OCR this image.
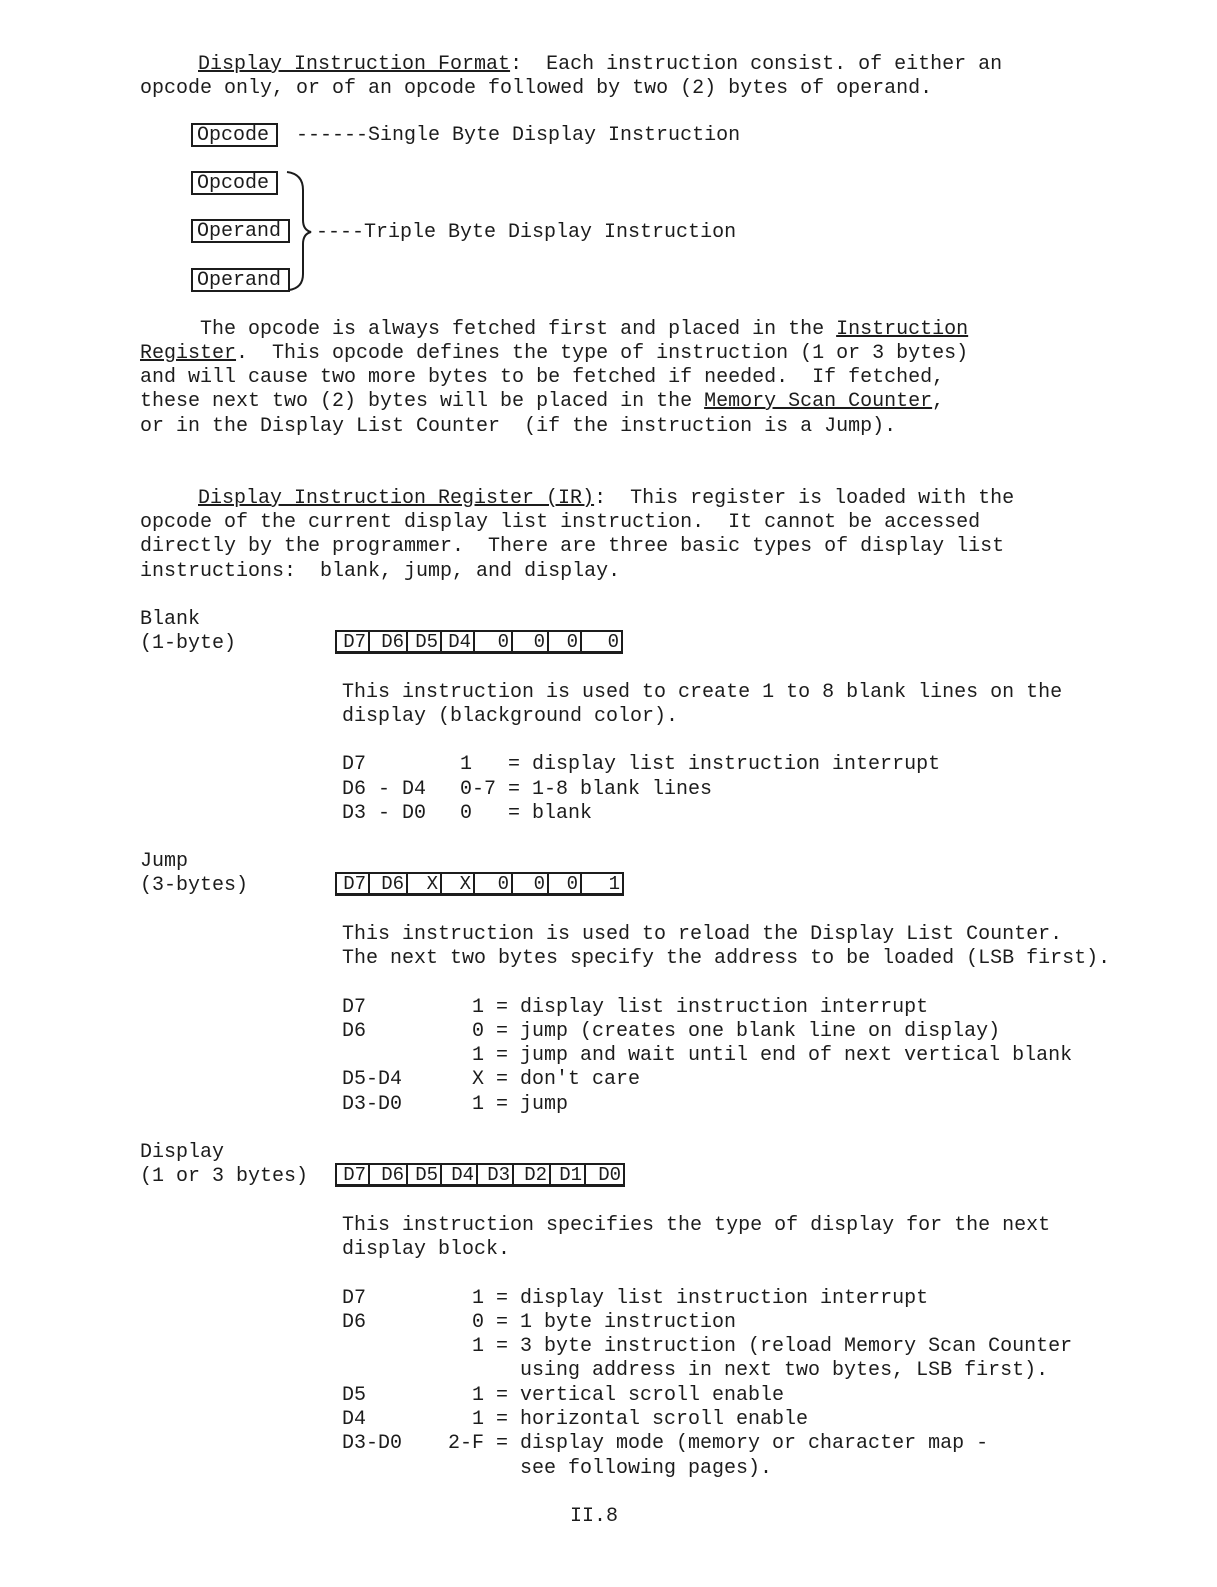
Display Instruction Format:  Each instruction consist. of either an
opcode only, or of an opcode followed by two (2) bytes of operand.
Opcode	------Single Byte Display Instruction
Opcode
Operand
Operand
----Triple Byte Display Instruction
The opcode is always fetched first and placed in the Instruction
Register.  This opcode defines the type of instruction (1 or 3 bytes)
and will cause two more bytes to be fetched if needed.  If fetched,
these next two (2) bytes will be placed in the Memory Scan Counter,
or in the Display List Counter  (if the instruction is a Jump).
Display Instruction Register (IR):  This register is loaded with the
opcode of the current display list instruction.  It cannot be accessed
directly by the programmer.  There are three basic types of display list
instructions:  blank, jump, and display.
Blank
(1-byte)	D7 D6 D5 D4	0	0	0	0
This instruction is used to create 1 to 8 blank lines on the
display (blackground color).
D7	1 = display list instruction interrupt
D6 - D4 0-7 = 1-8 blank lines
D3 - D0 0 = blank
Jump
(3-bytes)	D7 D6	X	X	0	0	0	1
This instruction is used to reload the Display List Counter.
The next two bytes specify the address to be loaded (LSB first).
D7	1 = display list instruction interrupt
D6	0 = jump (creates one blank line on display)
1 = jump and wait until end of next vertical blank
D5-D4	X = don't care
D3-D0	1 = jump
Display
(1 or 3 bytes)	D7 D6 D5 D4 D3 D2 D1 D0
This instruction specifies the type of display for the next
display block.
D7	1 = display list instruction interrupt
D6	0 = 1 byte instruction
1 = 3 byte instruction (reload Memory Scan Counter
using address in next two bytes, LSB first).
D5	1 = vertical scroll enable
D4	1 = horizontal scroll enable
D3-D0 2-F = display mode (memory or character map -
see following pages).
II.8
